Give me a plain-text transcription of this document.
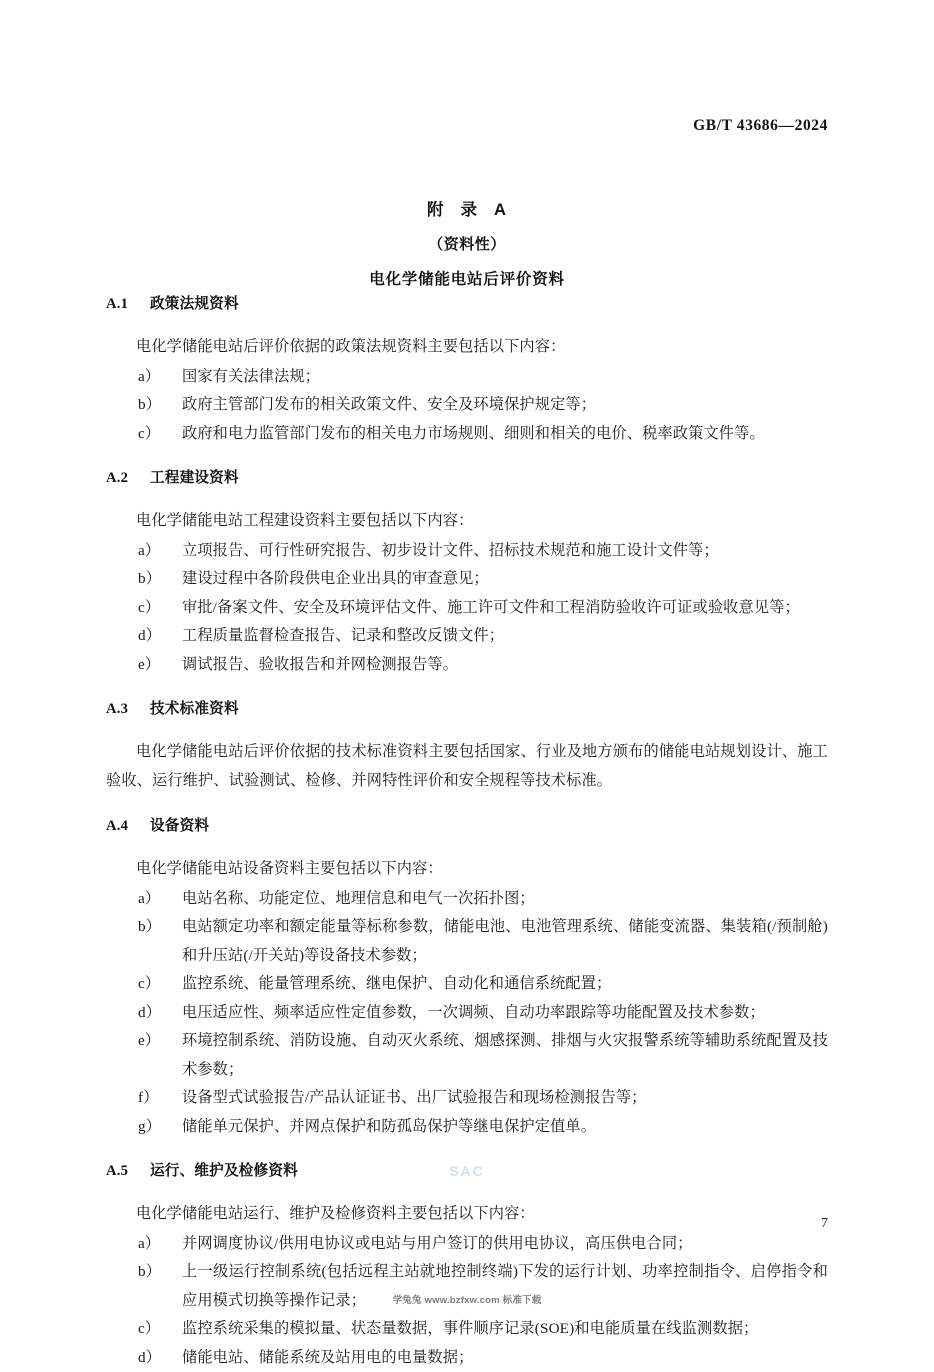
GB/T 43686—2024
附 录 A
（资料性）
电化学储能电站后评价资料
A.1 政策法规资料

电化学储能电站后评价依据的政策法规资料主要包括以下内容：

a） 国家有关法律法规；
b） 政府主管部门发布的相关政策文件、安全及环境保护规定等；
c） 政府和电力监管部门发布的相关电力市场规则、细则和相关的电价、税率政策文件等。
A.2 工程建设资料

电化学储能电站工程建设资料主要包括以下内容：

a） 立项报告、可行性研究报告、初步设计文件、招标技术规范和施工设计文件等；
b） 建设过程中各阶段供电企业出具的审查意见；
c） 审批/备案文件、安全及环境评估文件、施工许可文件和工程消防验收许可证或验收意见等；
d） 工程质量监督检查报告、记录和整改反馈文件；
e） 调试报告、验收报告和并网检测报告等。
A.3 技术标准资料

电化学储能电站后评价依据的技术标准资料主要包括国家、行业及地方颁布的储能电站规划设计、施工验收、运行维护、试验测试、检修、并网特性评价和安全规程等技术标准。

A.4 设备资料

电化学储能电站设备资料主要包括以下内容：

a） 电站名称、功能定位、地理信息和电气一次拓扑图；
b） 电站额定功率和额定能量等标称参数，储能电池、电池管理系统、储能变流器、集装箱(/预制舱)和升压站(/开关站)等设备技术参数；
c） 监控系统、能量管理系统、继电保护、自动化和通信系统配置；
d） 电压适应性、频率适应性定值参数，一次调频、自动功率跟踪等功能配置及技术参数；
e） 环境控制系统、消防设施、自动灭火系统、烟感探测、排烟与火灾报警系统等辅助系统配置及技术参数；
f） 设备型式试验报告/产品认证证书、出厂试验报告和现场检测报告等；
g） 储能单元保护、并网点保护和防孤岛保护等继电保护定值单。
A.5 运行、维护及检修资料

电化学储能电站运行、维护及检修资料主要包括以下内容：

a） 并网调度协议/供用电协议或电站与用户签订的供用电协议，高压供电合同；
b） 上一级运行控制系统(包括远程主站就地控制终端)下发的运行计划、功率控制指令、启停指令和应用模式切换等操作记录；
c） 监控系统采集的模拟量、状态量数据，事件顺序记录(SOE)和电能质量在线监测数据；
d） 储能电站、储能系统及站用电的电量数据；
SAC
7
学兔兔 www.bzfxw.com 标准下载
